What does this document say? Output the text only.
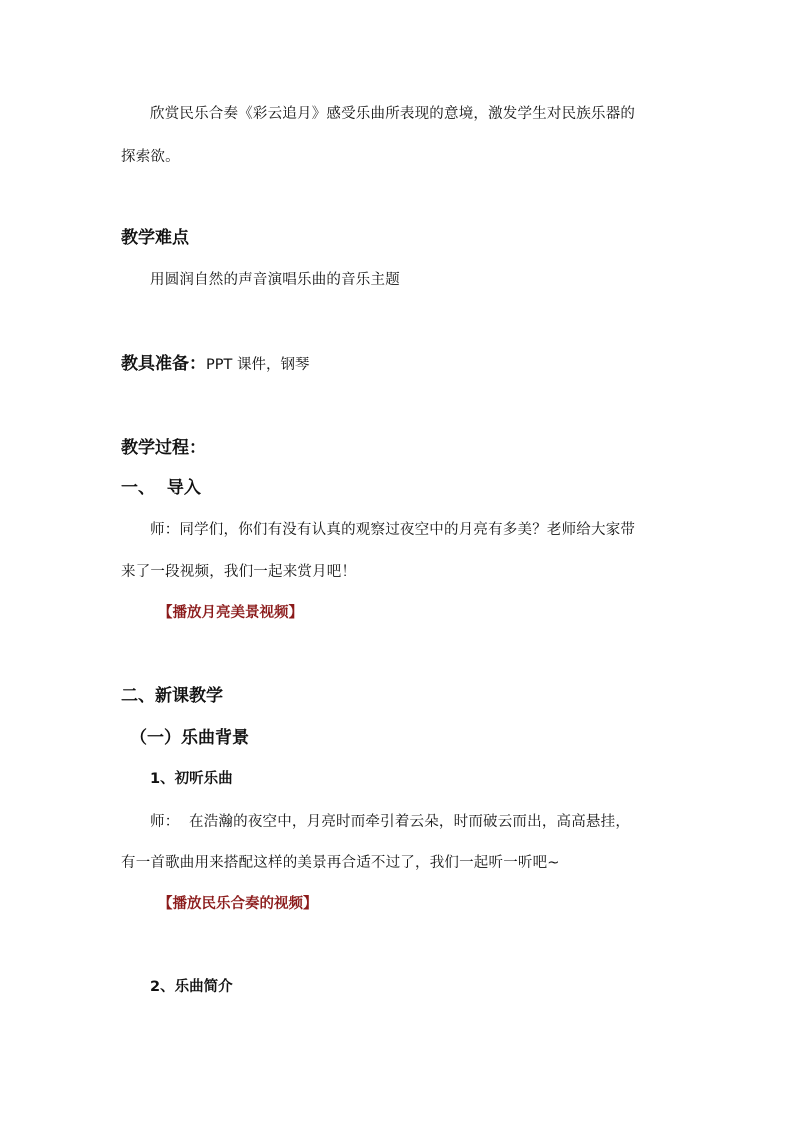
欣赏民乐合奏《彩云追月》感受乐曲所表现的意境，激发学生对民族乐器的
探索欲。
教学难点
用圆润自然的声音演唱乐曲的音乐主题
教具准备：PPT 课件，钢琴
教学过程：
一、  导入
师：同学们，你们有没有认真的观察过夜空中的月亮有多美？老师给大家带
来了一段视频，我们一起来赏月吧！
【播放月亮美景视频】
二、新课教学
（一）乐曲背景
1、初听乐曲
师：  在浩瀚的夜空中，月亮时而牵引着云朵，时而破云而出，高高悬挂，
有一首歌曲用来搭配这样的美景再合适不过了，我们一起听一听吧~
【播放民乐合奏的视频】
2、乐曲简介
